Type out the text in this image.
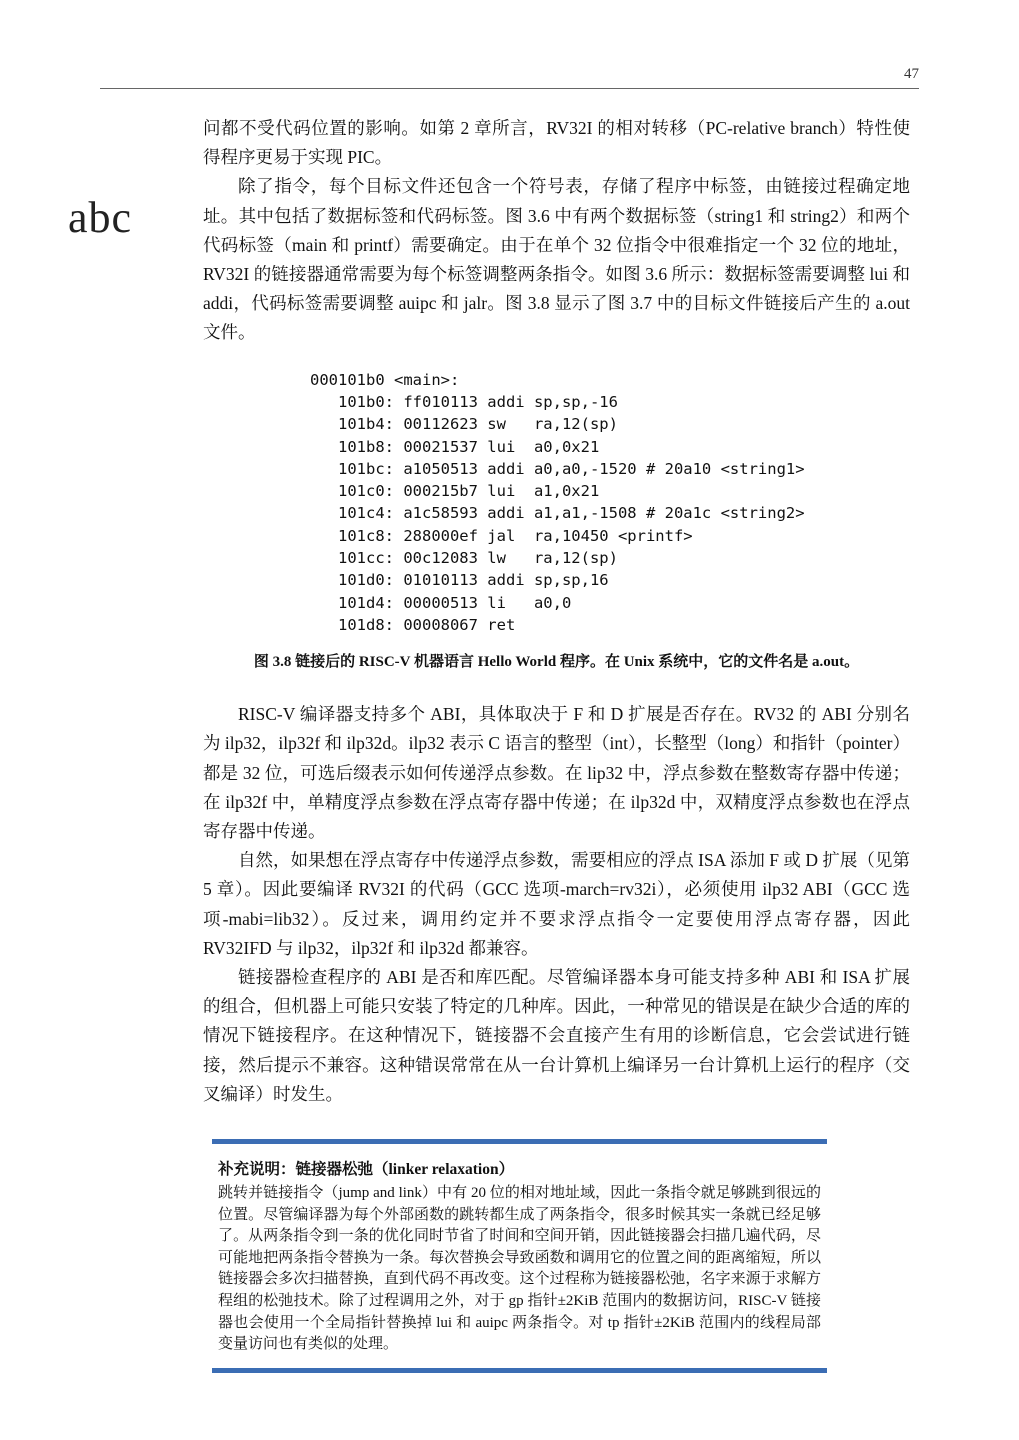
47
abc

问都不受代码位置的影响。如第 2 章所言，RV32I 的相对转移（PC-relative branch）特性使得程序更易于实现 PIC。

除了指令，每个目标文件还包含一个符号表，存储了程序中标签，由链接过程确定地址。其中包括了数据标签和代码标签。图 3.6 中有两个数据标签（string1 和 string2）和两个代码标签（main 和 printf）需要确定。由于在单个 32 位指令中很难指定一个 32 位的地址，RV32I 的链接器通常需要为每个标签调整两条指令。如图 3.6 所示：数据标签需要调整 lui 和 addi，代码标签需要调整 auipc 和 jalr。图 3.8 显示了图 3.7 中的目标文件链接后产生的 a.out 文件。

000101b0 <main>:
101b0: ff010113 addi sp,sp,-16
101b4: 00112623 sw   ra,12(sp)
101b8: 00021537 lui  a0,0x21
101bc: a1050513 addi a0,a0,-1520 # 20a10 <string1>
101c0: 000215b7 lui  a1,0x21
101c4: a1c58593 addi a1,a1,-1508 # 20a1c <string2>
101c8: 288000ef jal  ra,10450 <printf>
101cc: 00c12083 lw   ra,12(sp)
101d0: 01010113 addi sp,sp,16
101d4: 00000513 li   a0,0
101d8: 00008067 ret
图 3.8 链接后的 RISC-V 机器语言 Hello World 程序。在 Unix 系统中，它的文件名是 a.out。

RISC-V 编译器支持多个 ABI，具体取决于 F 和 D 扩展是否存在。RV32 的 ABI 分别名为 ilp32，ilp32f 和 ilp32d。ilp32 表示 C 语言的整型（int），长整型（long）和指针（pointer）都是 32 位，可选后缀表示如何传递浮点参数。在 lip32 中，浮点参数在整数寄存器中传递；在 ilp32f 中，单精度浮点参数在浮点寄存器中传递；在 ilp32d 中，双精度浮点参数也在浮点寄存器中传递。

自然，如果想在浮点寄存中传递浮点参数，需要相应的浮点 ISA 添加 F 或 D 扩展（见第 5 章）。因此要编译 RV32I 的代码（GCC 选项-march=rv32i），必须使用 ilp32 ABI（GCC 选项-mabi=lib32）。反过来，调用约定并不要求浮点指令一定要使用浮点寄存器，因此 RV32IFD 与 ilp32，ilp32f 和 ilp32d 都兼容。

链接器检查程序的 ABI 是否和库匹配。尽管编译器本身可能支持多种 ABI 和 ISA 扩展的组合，但机器上可能只安装了特定的几种库。因此，一种常见的错误是在缺少合适的库的情况下链接程序。在这种情况下，链接器不会直接产生有用的诊断信息，它会尝试进行链接，然后提示不兼容。这种错误常常在从一台计算机上编译另一台计算机上运行的程序（交叉编译）时发生。

补充说明：链接器松弛（linker relaxation）

跳转并链接指令（jump and link）中有 20 位的相对地址域，因此一条指令就足够跳到很远的位置。尽管编译器为每个外部函数的跳转都生成了两条指令，很多时候其实一条就已经足够了。从两条指令到一条的优化同时节省了时间和空间开销，因此链接器会扫描几遍代码，尽可能地把两条指令替换为一条。每次替换会导致函数和调用它的位置之间的距离缩短，所以链接器会多次扫描替换，直到代码不再改变。这个过程称为链接器松弛，名字来源于求解方程组的松弛技术。除了过程调用之外，对于 gp 指针±2KiB 范围内的数据访问，RISC-V 链接器也会使用一个全局指针替换掉 lui 和 auipc 两条指令。对 tp 指针±2KiB 范围内的线程局部变量访问也有类似的处理。
